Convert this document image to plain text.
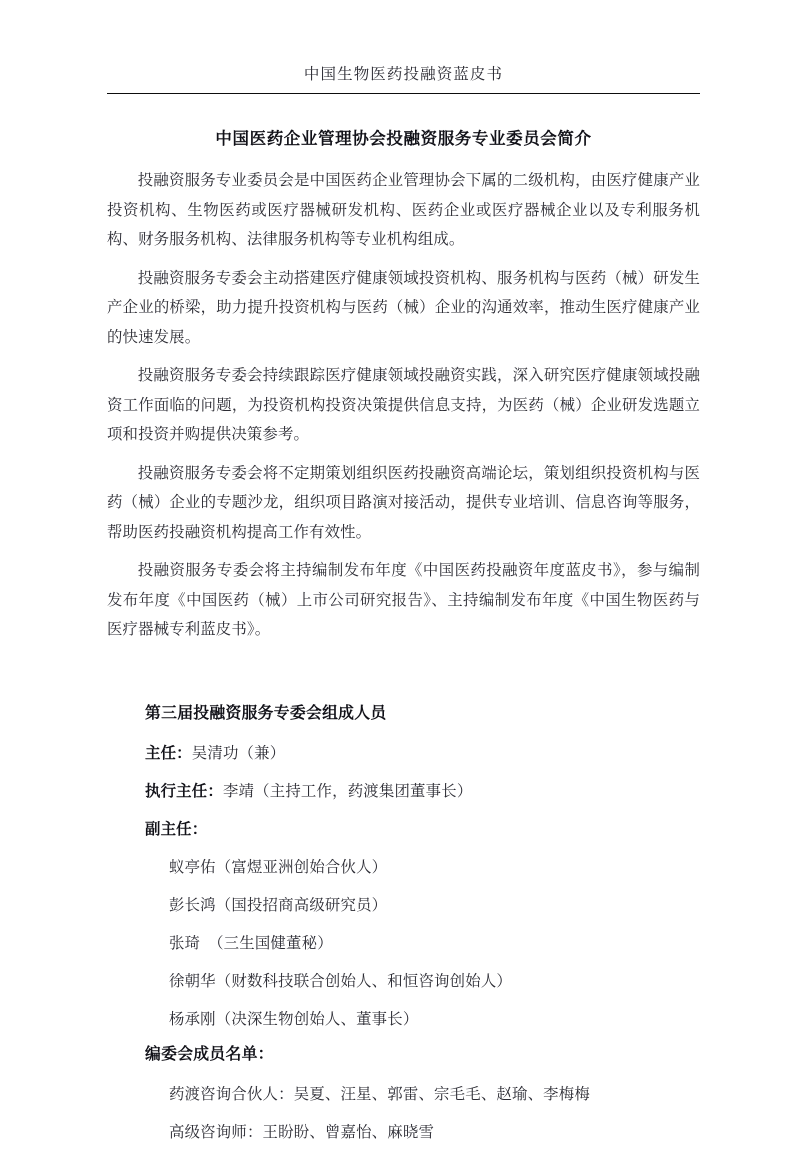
中国生物医药投融资蓝皮书
中国医药企业管理协会投融资服务专业委员会简介

投融资服务专业委员会是中国医药企业管理协会下属的二级机构，由医疗健康产业投资机构、生物医药或医疗器械研发机构、医药企业或医疗器械企业以及专利服务机构、财务服务机构、法律服务机构等专业机构组成。

投融资服务专委会主动搭建医疗健康领域投资机构、服务机构与医药（械）研发生产企业的桥梁，助力提升投资机构与医药（械）企业的沟通效率，推动生医疗健康产业的快速发展。

投融资服务专委会持续跟踪医疗健康领域投融资实践，深入研究医疗健康领域投融资工作面临的问题，为投资机构投资决策提供信息支持，为医药（械）企业研发选题立项和投资并购提供决策参考。

投融资服务专委会将不定期策划组织医药投融资高端论坛，策划组织投资机构与医药（械）企业的专题沙龙，组织项目路演对接活动，提供专业培训、信息咨询等服务，帮助医药投融资机构提高工作有效性。

投融资服务专委会将主持编制发布年度《中国医药投融资年度蓝皮书》，参与编制发布年度《中国医药（械）上市公司研究报告》、主持编制发布年度《中国生物医药与医疗器械专利蓝皮书》。

第三届投融资服务专委会组成人员

主任：吴清功（兼）

执行主任：李靖（主持工作，药渡集团董事长）

副主任：

蚁亭佑（富煜亚洲创始合伙人）

彭长鸿（国投招商高级研究员）

张琦　（三生国健董秘）

徐朝华（财数科技联合创始人、和恒咨询创始人）

杨承刚（决深生物创始人、董事长）

编委会成员名单：

药渡咨询合伙人：吴夏、汪星、郭雷、宗毛毛、赵瑜、李梅梅

高级咨询师：王盼盼、曾嘉怡、麻晓雪
